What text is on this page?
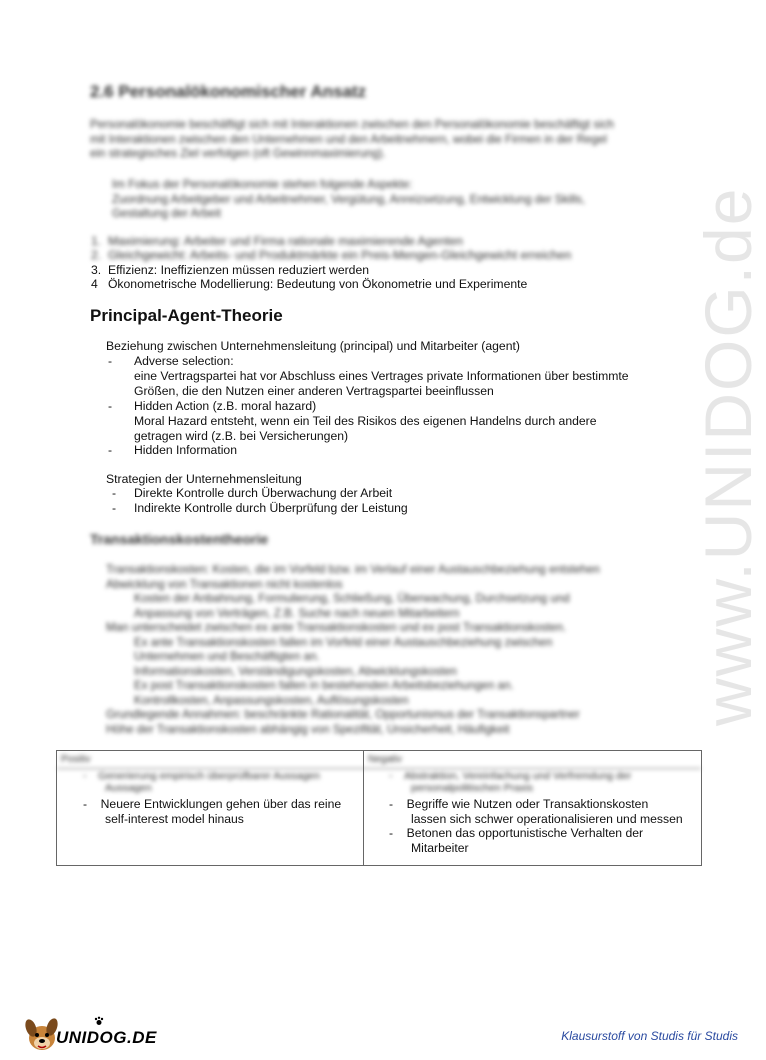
2.6 Personalökonomischer Ansatz
Personalökonomie beschäftigt sich mit Interaktionen zwischen den Personalökonomie beschäftigt sich
mit Interaktionen zwischen den Unternehmen und den Arbeitnehmern, wobei die Firmen in der Regel
ein strategisches Ziel verfolgen (oft Gewinnmaximierung).
Im Fokus der Personalökonomie stehen folgende Aspekte:
Zuordnung Arbeitgeber und Arbeitnehmer, Vergütung, Anreizsetzung, Entwicklung der Skills,
Gestaltung der Arbeit
1. Maximierung: Arbeiter und Firma rationale maximierende Agenten
2. Gleichgewicht: Arbeits- und Produktmärkte ein Preis-Mengen-Gleichgewicht erreichen
3. Effizienz: Ineffizienzen müssen reduziert werden
4 Ökonometrische Modellierung: Bedeutung von Ökonometrie und Experimente
Principal-Agent-Theorie
Beziehung zwischen Unternehmensleitung (principal) und Mitarbeiter (agent)
- Adverse selection:
eine Vertragspartei hat vor Abschluss eines Vertrages private Informationen über bestimmte
Größen, die den Nutzen einer anderen Vertragspartei beeinflussen
- Hidden Action (z.B. moral hazard)
Moral Hazard entsteht, wenn ein Teil des Risikos des eigenen Handelns durch andere
getragen wird (z.B. bei Versicherungen)
- Hidden Information
Strategien der Unternehmensleitung
- Direkte Kontrolle durch Überwachung der Arbeit
- Indirekte Kontrolle durch Überprüfung der Leistung
Transaktionskostentheorie
Transaktionskosten: Kosten, die im Vorfeld bzw. im Verlauf einer Austauschbeziehung entstehen
Abwicklung von Transaktionen nicht kostenlos
Kosten der Anbahnung, Formulierung, Schließung, Überwachung, Durchsetzung und
Anpassung von Verträgen, Z.B. Suche nach neuen Mitarbeitern
Man unterscheidet zwischen ex ante Transaktionskosten und ex post Transaktionskosten.
Ex ante Transaktionskosten fallen im Vorfeld einer Austauschbeziehung zwischen
Unternehmen und Beschäftigten an.
Informationskosten, Verständigungskosten, Abwicklungskosten
Ex post Transaktionskosten fallen in bestehenden Arbeitsbeziehungen an.
Kontrollkosten, Anpassungskosten, Auflösungskosten
Grundlegende Annahmen: beschränkte Rationalität, Opportunismus der Transaktionspartner
Höhe der Transaktionskosten abhängig von Spezifität, Unsicherheit, Häufigkeit
Positiv	Negativ
- Generierung empirisch überprüfbarer Aussagen
Aussagen
- Neuere Entwicklungen gehen über das reine
self-interest model hinaus
- Abstraktion, Vereinfachung und Verfremdung der
personalpolitischen Praxis
- Begriffe wie Nutzen oder Transaktionskosten
lassen sich schwer operationalisieren und messen
- Betonen das opportunistische Verhalten der
Mitarbeiter
www.UNIDOG.de
UNIDOG.DE	Klausurstoff von Studis für Studis
